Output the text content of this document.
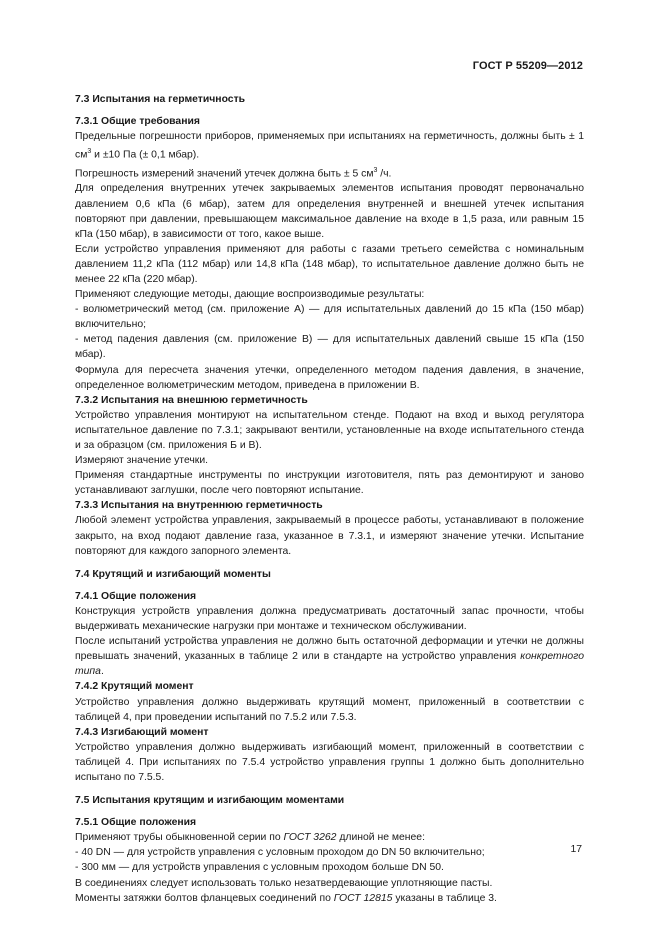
ГОСТ Р 55209—2012

7.3 Испытания на герметичность

7.3.1 Общие требования

Предельные погрешности приборов, применяемых при испытаниях на герметичность, должны быть ± 1 $см^3$ и ±10 Па (± 0,1 мбар).

Погрешность измерений значений утечек должна быть ± 5 $см^3$ /ч.

Для определения внутренних утечек закрываемых элементов испытания проводят первоначально давлением 0,6 кПа (6 мбар), затем для определения внутренней и внешней утечек испытания повторяют при давлении, превышающем максимальное давление на входе в 1,5 раза, или равным 15 кПа (150 мбар), в зависимости от того, какое выше.

Если устройство управления применяют для работы с газами третьего семейства с номинальным давлением 11,2 кПа (112 мбар) или 14,8 кПа (148 мбар), то испытательное давление должно быть не менее 22 кПа (220 мбар).

Применяют следующие методы, дающие воспроизводимые результаты:

- волюметрический метод (см. приложение А) — для испытательных давлений до 15 кПа (150 мбар) включительно;

- метод падения давления (см. приложение В) — для испытательных давлений свыше 15 кПа (150 мбар).

Формула для пересчета значения утечки, определенного методом падения давления, в значение, определенное волюметрическим методом, приведена в приложении В.

7.3.2 Испытания на внешнюю герметичность

Устройство управления монтируют на испытательном стенде. Подают на вход и выход регулятора испытательное давление по 7.3.1; закрывают вентили, установленные на входе испытательного стенда и за образцом (см. приложения Б и В).

Измеряют значение утечки.

Применяя стандартные инструменты по инструкции изготовителя, пять раз демонтируют и заново устанавливают заглушки, после чего повторяют испытание.

7.3.3 Испытания на внутреннюю герметичность

Любой элемент устройства управления, закрываемый в процессе работы, устанавливают в положение закрыто, на вход подают давление газа, указанное в 7.3.1, и измеряют значение утечки. Испытание повторяют для каждого запорного элемента.

7.4 Крутящий и изгибающий моменты

7.4.1 Общие положения

Конструкция устройств управления должна предусматривать достаточный запас прочности, чтобы выдерживать механические нагрузки при монтаже и техническом обслуживании.

После испытаний устройства управления не должно быть остаточной деформации и утечки не должны превышать значений, указанных в таблице 2 или в стандарте на устройство управления конкретного типа.

7.4.2 Крутящий момент

Устройство управления должно выдерживать крутящий момент, приложенный в соответствии с таблицей 4, при проведении испытаний по 7.5.2 или 7.5.3.

7.4.3 Изгибающий момент

Устройство управления должно выдерживать изгибающий момент, приложенный в соответствии с таблицей 4. При испытаниях по 7.5.4 устройство управления группы 1 должно быть дополнительно испытано по 7.5.5.

7.5 Испытания крутящим и изгибающим моментами

7.5.1 Общие положения

Применяют трубы обыкновенной серии по ГОСТ 3262 длиной не менее:

- 40 DN — для устройств управления с условным проходом до DN 50 включительно;

- 300 мм — для устройств управления с условным проходом больше DN 50.

В соединениях следует использовать только незатвердевающие уплотняющие пасты.

Моменты затяжки болтов фланцевых соединений по ГОСТ 12815 указаны в таблице 3.

17
